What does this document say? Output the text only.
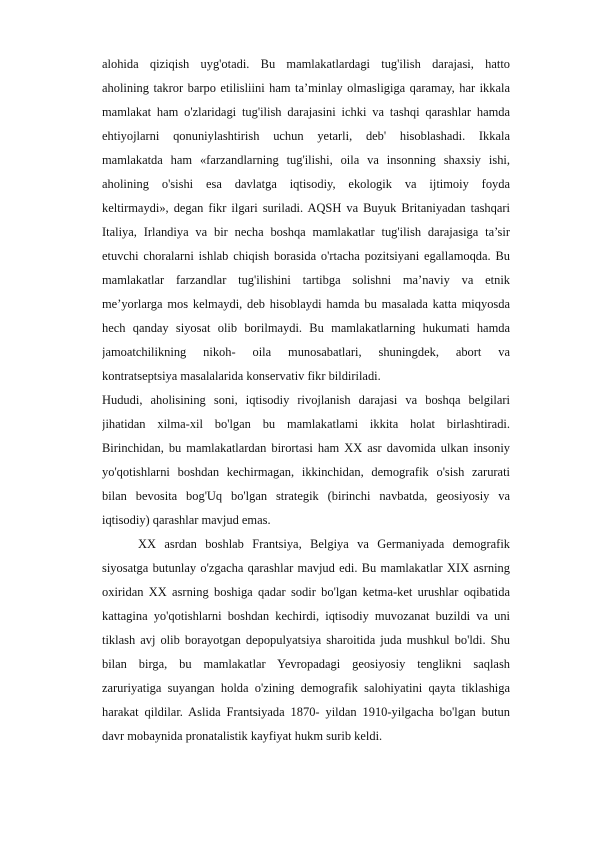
alohida qiziqish uyg'otadi. Bu mamlakatlardagi tug'ilish darajasi, hatto
aholining takror barpo etilisliini ham ta’minlay olmasligiga qaramay, har ikkala
mamlakat ham o'zlaridagi tug'ilish darajasini ichki va tashqi qarashlar hamda
ehtiyojlarni qonuniylashtirish uchun yetarli, deb' hisoblashadi. Ikkala
mamlakatda ham «farzandlarning tug'ilishi, oila va insonning shaxsiy ishi,
aholining o'sishi esa davlatga iqtisodiy, ekologik va ijtimoiy foyda
keltirmaydi», degan fikr ilgari suriladi. AQSH va Buyuk Britaniyadan tashqari
Italiya, Irlandiya va bir necha boshqa mamlakatlar tug'ilish darajasiga ta’sir
etuvchi choralarni ishlab chiqish borasida o'rtacha pozitsiyani egallamoqda. Bu
mamlakatlar farzandlar tug'ilishini tartibga solishni ma’naviy va etnik
me’yorlarga mos kelmaydi, deb hisoblaydi hamda bu masalada katta miqyosda
hech qanday siyosat olib borilmaydi. Bu mamlakatlarning hukumati hamda
jamoatchilikning nikoh- oila munosabatlari, shuningdek, abort va
kontratseptsiya masalalarida konservativ fikr bildiriladi.
Hududi, aholisining soni, iqtisodiy rivojlanish darajasi va boshqa belgilari
jihatidan xilma-xil bo'lgan bu mamlakatlami ikkita holat birlashtiradi.
Birinchidan, bu mamlakatlardan birortasi ham XX asr davomida ulkan insoniy
yo'qotishlarni boshdan kechirmagan, ikkinchidan, demografik o'sish zarurati
bilan bevosita bog'Uq bo'lgan strategik (birinchi navbatda, geosiyosiy va
iqtisodiy) qarashlar mavjud emas.
XX asrdan boshlab Frantsiya, Belgiya va Germaniyada demografik
siyosatga butunlay o'zgacha qarashlar mavjud edi. Bu mamlakatlar XIX asrning
oxiridan XX asrning boshiga qadar sodir bo'lgan ketma-ket urushlar oqibatida
kattagina yo'qotishlarni boshdan kechirdi, iqtisodiy muvozanat buzildi va uni
tiklash avj olib borayotgan depopulyatsiya sharoitida juda mushkul bo'ldi. Shu
bilan birga, bu mamlakatlar Yevropadagi geosiyosiy tenglikni saqlash
zaruriyatiga suyangan holda o'zining demografik salohiyatini qayta tiklashiga
harakat qildilar. Aslida Frantsiyada 1870- yildan 1910-yilgacha bo'lgan butun
davr mobaynida pronatalistik kayfiyat hukm surib keldi.
